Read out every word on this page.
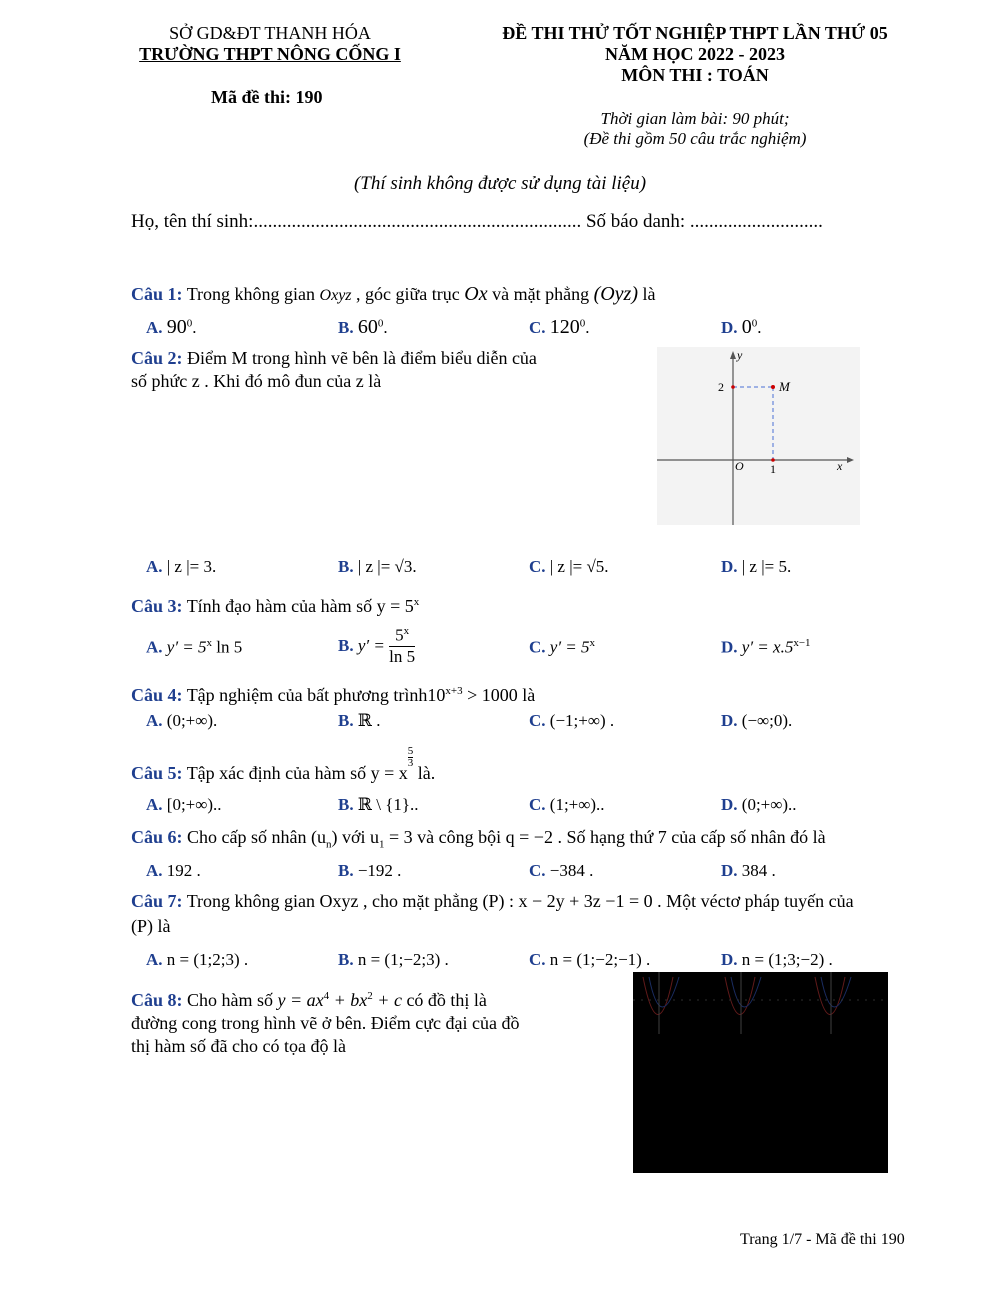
SỞ GD&ĐT THANH HÓA
TRƯỜNG THPT NÔNG CỐNG I
Mã đề thi: 190
ĐỀ THI THỬ TỐT NGHIỆP THPT LẦN THỨ 05
NĂM HỌC 2022 - 2023
MÔN THI : TOÁN
Thời gian làm bài: 90 phút;
(Đề thi gồm 50 câu trắc nghiệm)
(Thí sinh không được sử dụng tài liệu)
Họ, tên thí sinh:..................................................................... Số báo danh: ............................
Câu 1: Trong không gian Oxyz , góc giữa trục Ox và mặt phẳng (Oyz) là
A. $90^0$.	B. $60^0$.	C. $120^0$.	D. $0^0$.
Câu 2: Điểm M trong hình vẽ bên là điểm biểu diễn của
số phức z . Khi đó mô đun của z là
y
x
O
2
1
M
A. | z |= 3.	B. | z |= √3.	C. | z |= √5.	D. | z |= 5.
Câu 3: Tính đạo hàm của hàm số $y = 5^x$
A. $y' = 5^x$ ln 5	B. $y' = \frac{5^x}{\ln 5}$	C. $y' = 5^x$	D. $y' = x.5^{x-1}$
Câu 4: Tập nghiệm của bất phương $trình10^{x+3} > 1000$ là
A. (0;+∞).	B. ℝ .	C. (−1;+∞) .	D. (−∞;0).
Câu 5: Tập xác định của hàm số y = x
$\frac{5}{3}$
là.
A. [0;+∞)..	B. ℝ \ {1}..	C. (1;+∞)..	D. (0;+∞)..
Câu 6: Cho cấp số nhân $(u_n)$ với $u_1 = 3$ và công bội q = −2 . Số hạng thứ 7 của cấp số nhân đó là
A. 192 .	B. −192 .	C. −384 .	D. 384 .
Câu 7: Trong không gian Oxyz , cho mặt phẳng (P) : x − 2y + 3z −1 = 0 . Một véctơ pháp tuyến của
(P) là
A. n = (1;2;3) .	B. n = (1;−2;3) .	C. n = (1;−2;−1) .	D. n = (1;3;−2) .
Câu 8: Cho hàm số $y = ax^4 + bx^2 + c$ có đồ thị là
đường cong trong hình vẽ ở bên. Điểm cực đại của đồ
thị hàm số đã cho có tọa độ là
Trang 1/7 - Mã đề thi 190
